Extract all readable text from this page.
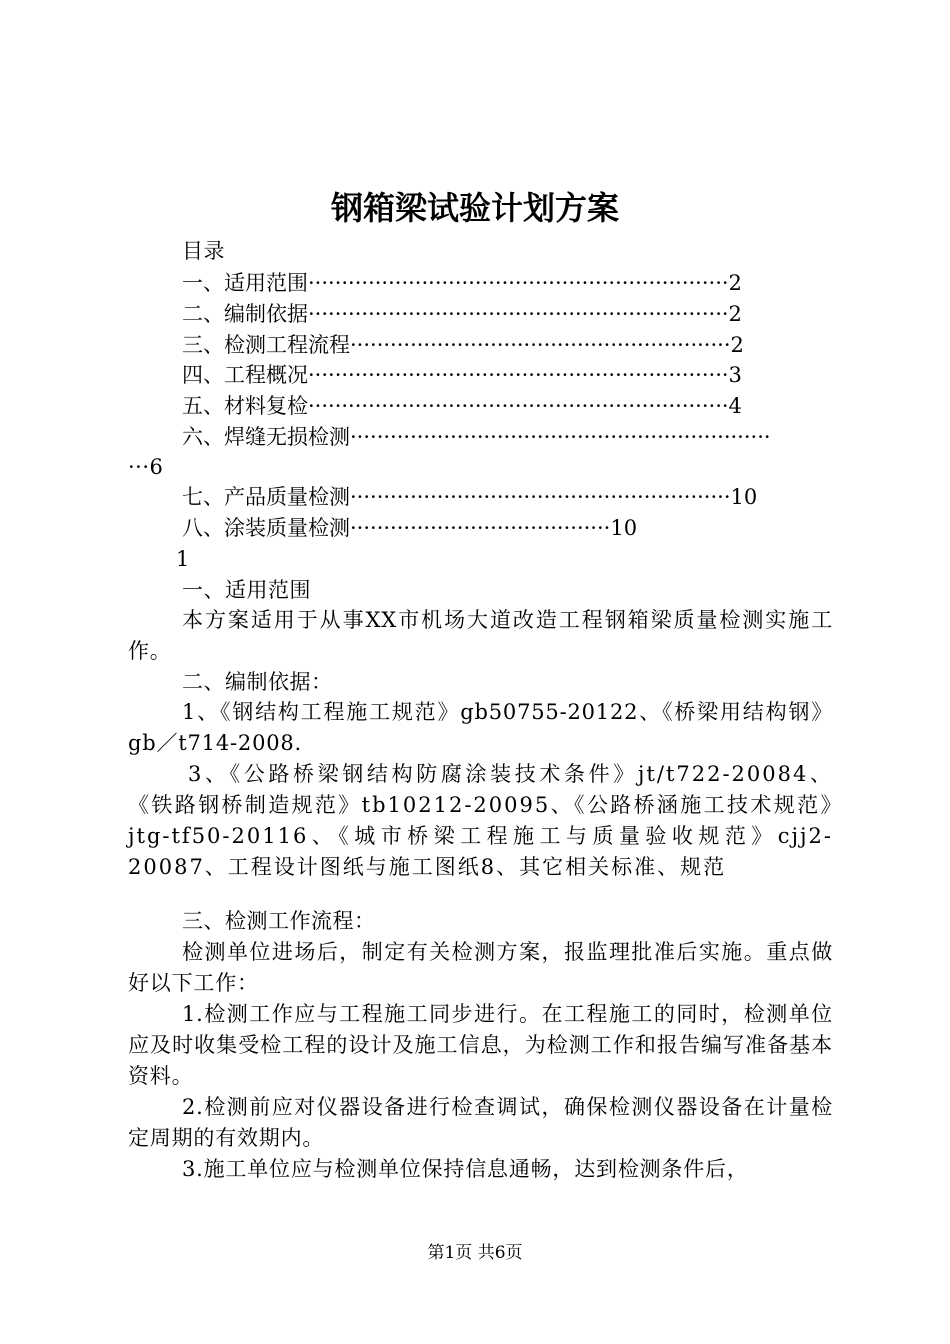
钢箱梁试验计划方案
目录
一、适用范围·······························································2
二、编制依据·······························································2
三、检测工程流程·························································2
四、工程概况·······························································3
五、材料复检·······························································4
六、焊缝无损检测·······························································
···6
七、产品质量检测·························································10
八、涂装质量检测·······································10
1
一、适用范围
本方案适用于从事XX市机场大道改造工程钢箱梁质量检测实施工作。
二、编制依据：
1、《钢结构工程施工规范》gb50755-20122、《桥梁用结构钢》gb／t714-2008.
3、《公路桥梁钢结构防腐涂装技术条件》jt/t722-20084、《铁路钢桥制造规范》tb10212-20095、《公路桥涵施工技术规范》jtg-tf50-20116、《城市桥梁工程施工与质量验收规范》cjj2-20087、工程设计图纸与施工图纸8、其它相关标准、规范
三、检测工作流程：
检测单位进场后，制定有关检测方案，报监理批准后实施。重点做好以下工作：
1.检测工作应与工程施工同步进行。在工程施工的同时，检测单位应及时收集受检工程的设计及施工信息，为检测工作和报告编写准备基本资料。
2.检测前应对仪器设备进行检查调试，确保检测仪器设备在计量检定周期的有效期内。
3.施工单位应与检测单位保持信息通畅，达到检测条件后，
第1页 共6页
